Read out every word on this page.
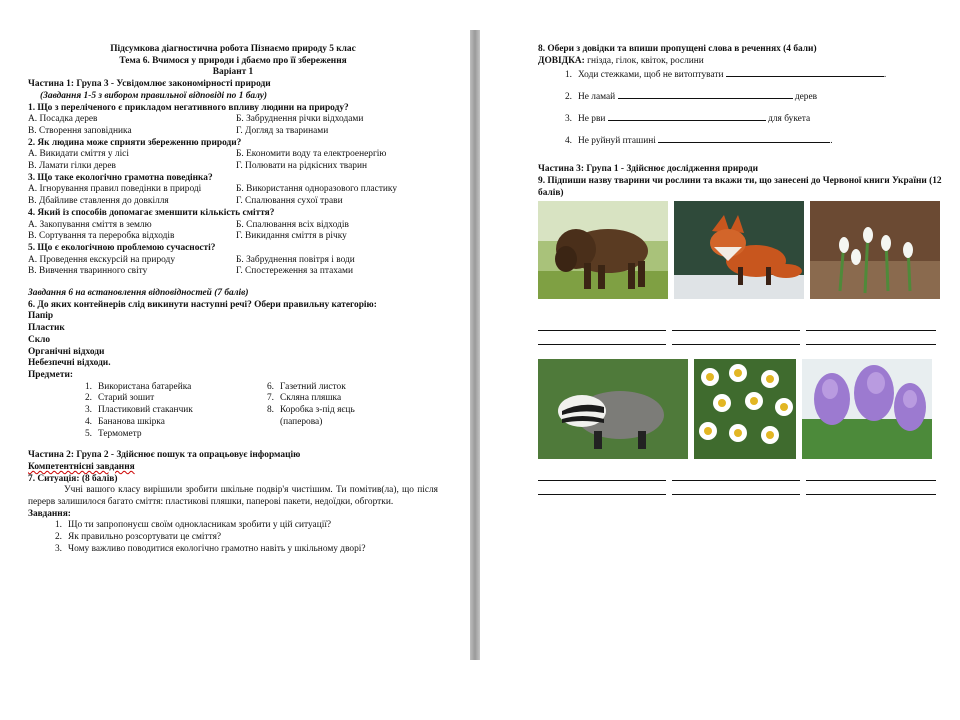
Підсумкова діагностична робота Пізнаємо природу 5 клас
Тема 6. Вчимося у природи і дбаємо про її збереження
Варіант 1
Частина 1: Група 3 - Усвідомлює закономірності природи
(Завдання 1-5 з вибором правильної відповіді по 1 балу)
1. Що з переліченого є прикладом негативного впливу людини на природу?
А. Посадка дерев	Б. Забруднення річки відходами
В. Створення заповідника	Г. Догляд за тваринами
2. Як людина може сприяти збереженню природи?
А. Викидати сміття у лісі	Б. Економити воду та електроенергію
В. Ламати гілки дерев	Г. Полювати на рідкісних тварин
3. Що таке екологічно грамотна поведінка?
А. Ігнорування правил поведінки в природі	Б. Використання одноразового пластику
В. Дбайливе ставлення до довкілля	Г. Спалювання сухої трави
4. Який із способів допомагає зменшити кількість сміття?
А. Закопування сміття в землю	Б. Спалювання всіх відходів
В. Сортування та переробка відходів	Г. Викидання сміття в річку
5. Що є екологічною проблемою сучасності?
А. Проведення екскурсій на природу	Б. Забруднення повітря і води
В. Вивчення тваринного світу	Г. Спостереження за птахами
Завдання 6 на встановлення відповідностей (7 балів)
6. До яких контейнерів слід викинути наступні речі? Обери правильну категорію:
Папір
Пластик
Скло
Органічні відходи
Небезпечні відходи.
Предмети:
1. Використана батарейка
2. Старий зошит
3. Пластиковий стаканчик
4. Бананова шкірка
5. Термометр
6. Газетний листок
7. Скляна пляшка
8. Коробка з-під яєць
(паперова)
Частина 2: Група 2 - Здійснює пошук та опрацьовує інформацію
Компетентнісні завдання
7. Ситуація: (8 балів)
Учні вашого класу вирішили зробити шкільне подвір'я чистішим. Ти помітив(ла), що після перерв залишилося багато сміття: пластикові пляшки, паперові пакети, недоїдки, обгортки.
Завдання:
1. Що ти запропонуєш своїм однокласникам зробити у цій ситуації?
2. Як правильно розсортувати це сміття?
3. Чому важливо поводитися екологічно грамотно навіть у шкільному дворі?
8. Обери з довідки та впиши пропущені слова в реченнях (4 бали)
ДОВІДКА: гнізда, гілок, квіток, рослини
1. Ходи стежками, щоб не витоптувати	.
2. Не ламай	дерев
3. Не рви	для букета
4. Не руйнуй пташині	.
Частина 3: Група 1 - Здійснює дослідження природи
9. Підпиши назву тварини чи рослини та вкажи ти, що занесені до Червоної книги України (12 балів)
